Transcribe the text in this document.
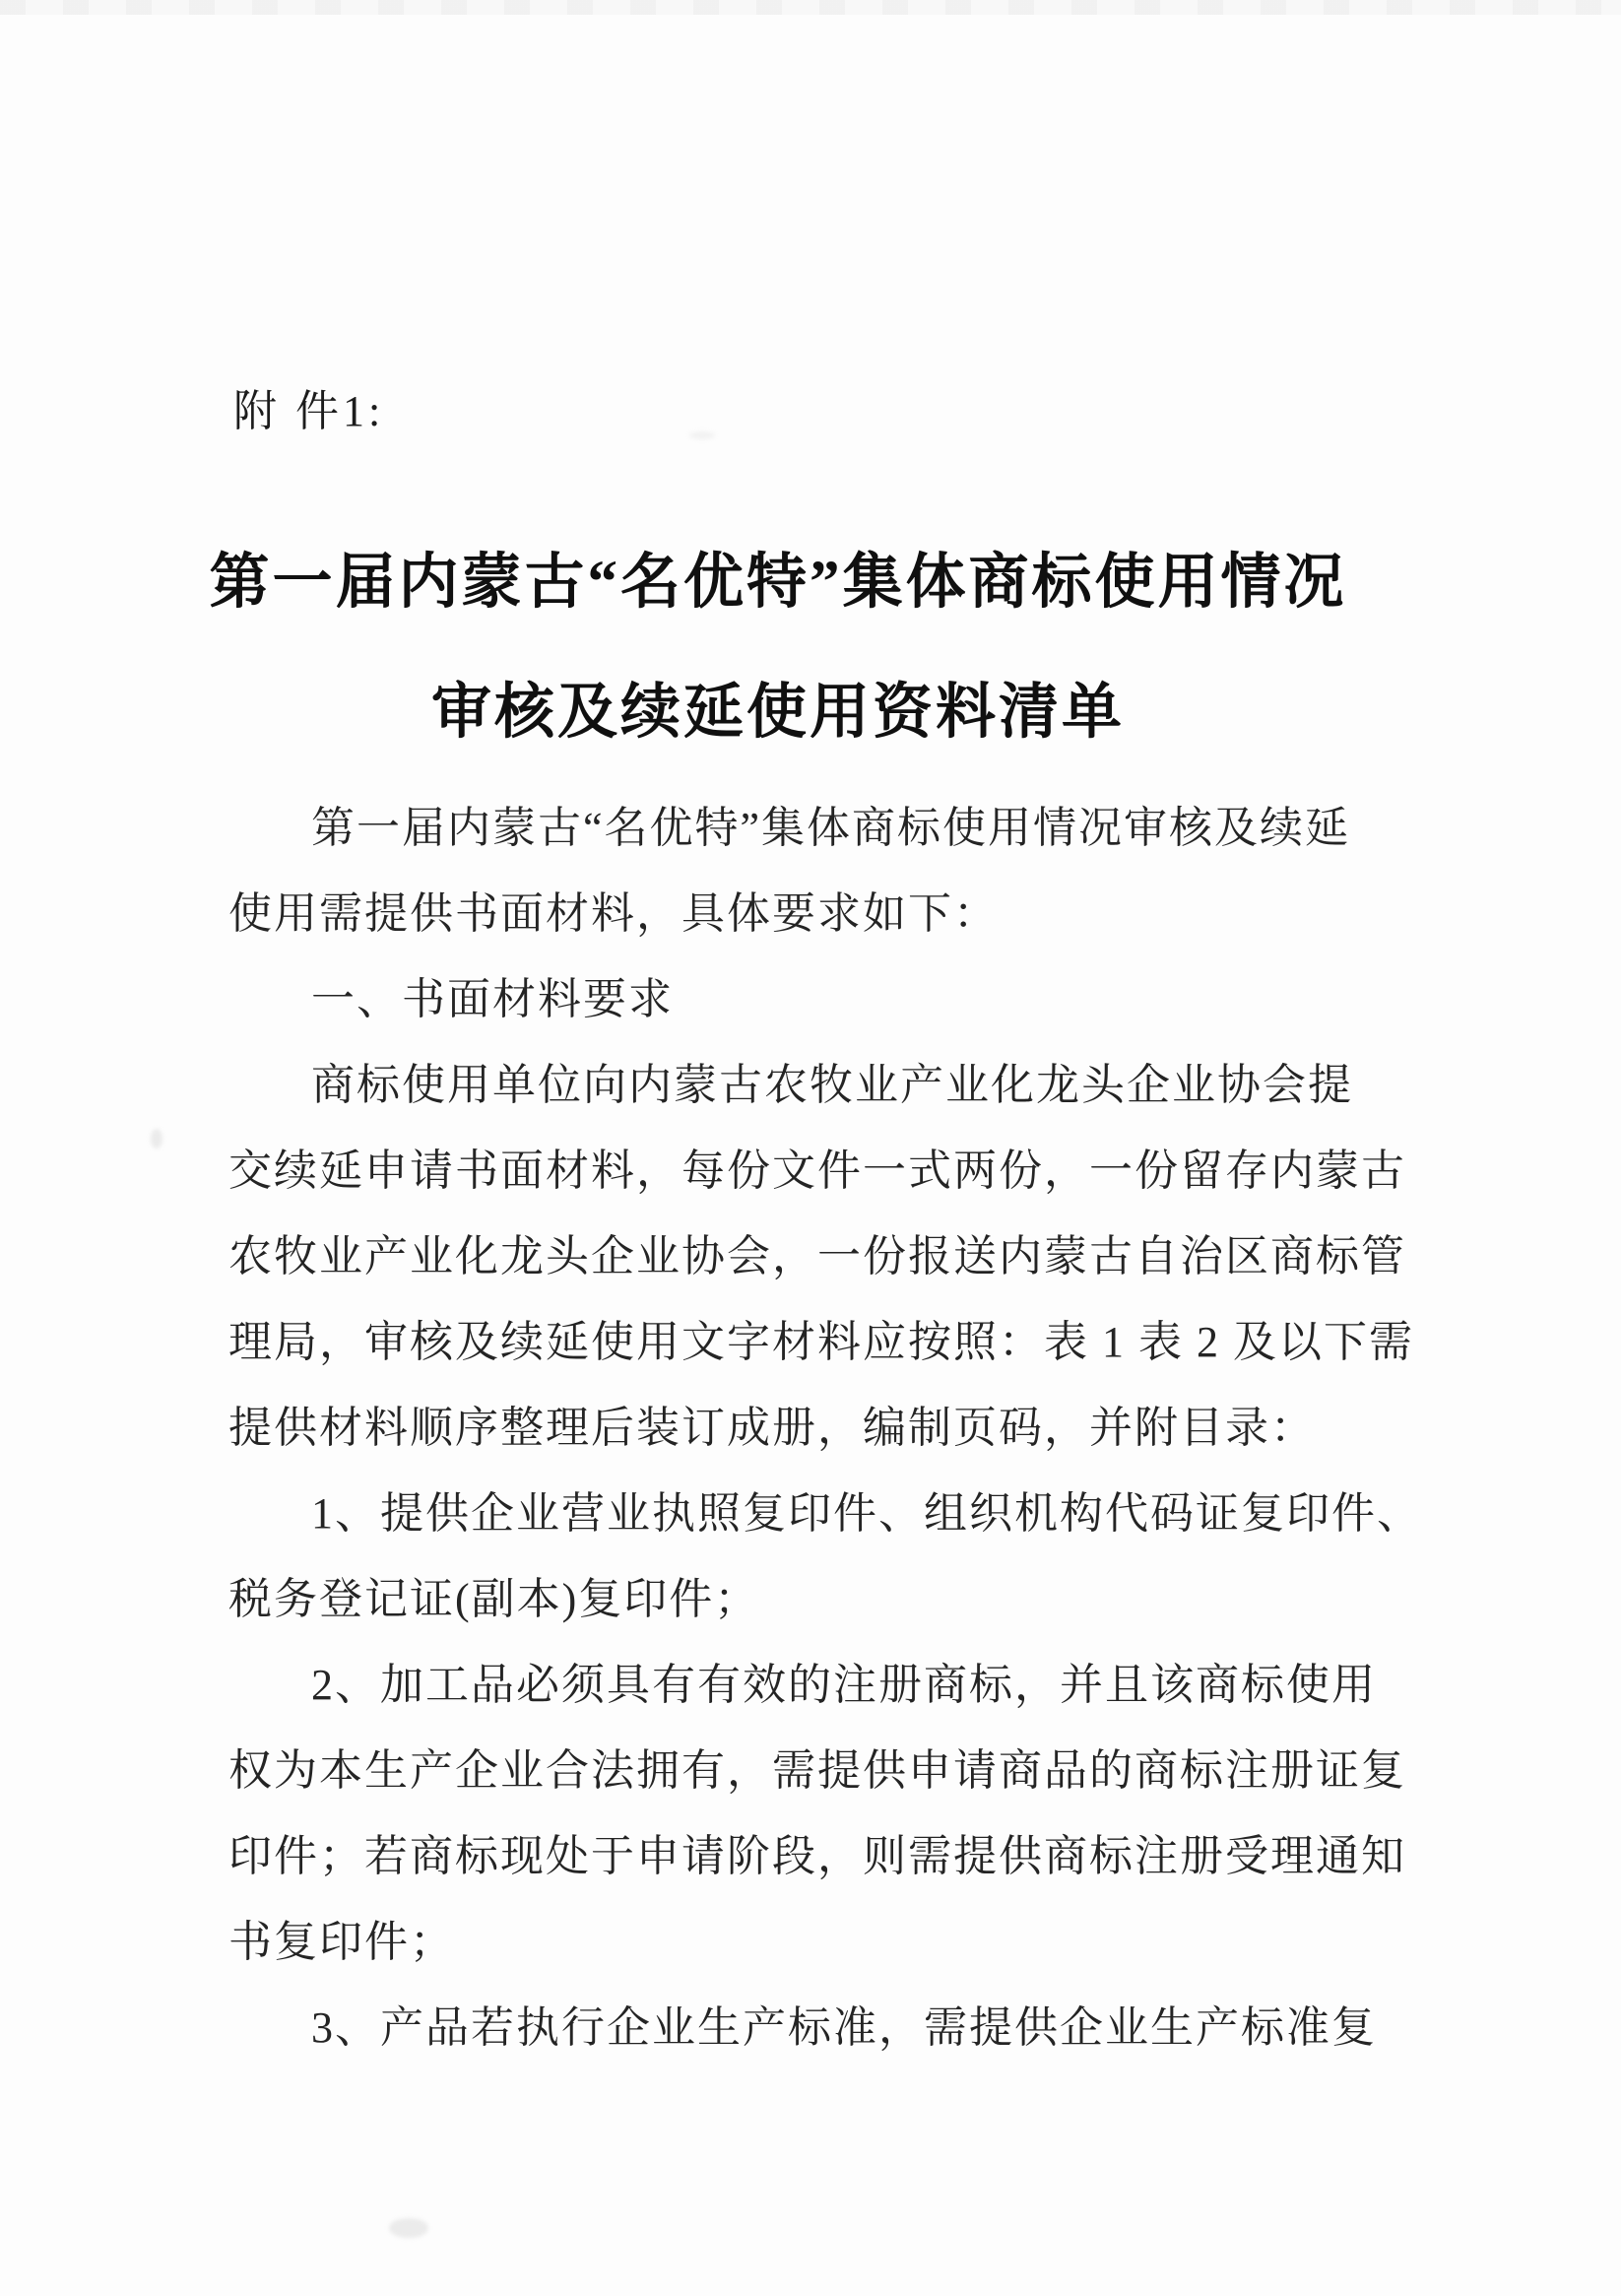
附 件1:
第一届内蒙古“名优特”集体商标使用情况
审核及续延使用资料清单

第一届内蒙古“名优特”集体商标使用情况审核及续延

使用需提供书面材料，具体要求如下：

一、书面材料要求

商标使用单位向内蒙古农牧业产业化龙头企业协会提

交续延申请书面材料，每份文件一式两份，一份留存内蒙古

农牧业产业化龙头企业协会，一份报送内蒙古自治区商标管

理局，审核及续延使用文字材料应按照：表 1 表 2 及以下需

提供材料顺序整理后装订成册，编制页码，并附目录：

1、提供企业营业执照复印件、组织机构代码证复印件、

税务登记证(副本)复印件；

2、加工品必须具有有效的注册商标，并且该商标使用

权为本生产企业合法拥有，需提供申请商品的商标注册证复

印件；若商标现处于申请阶段，则需提供商标注册受理通知

书复印件；

3、产品若执行企业生产标准，需提供企业生产标准复
